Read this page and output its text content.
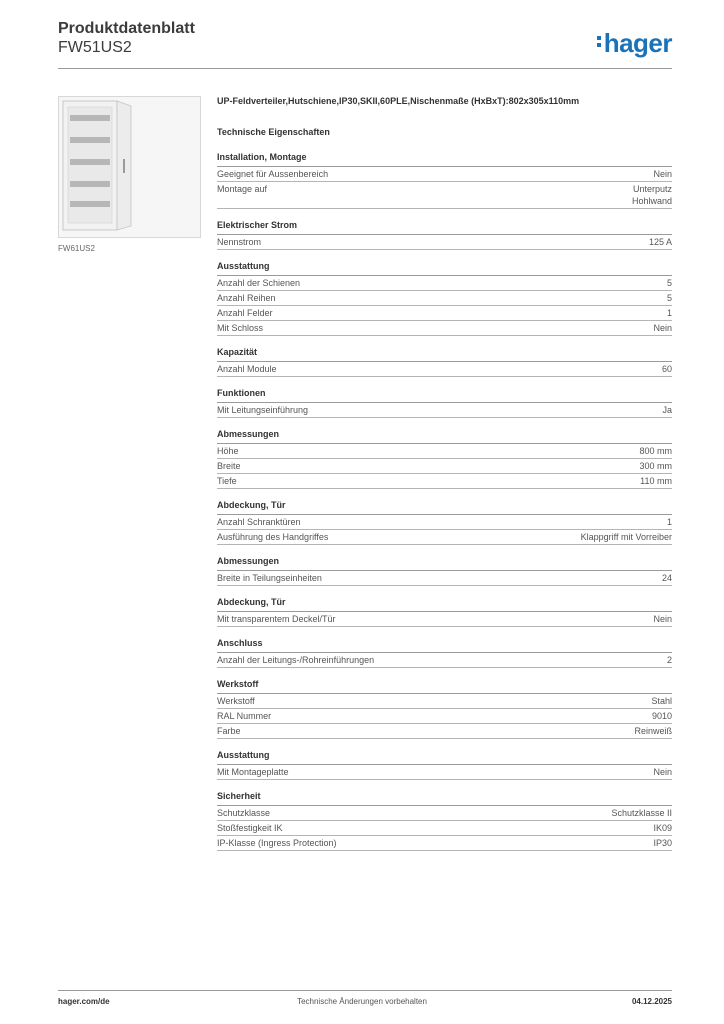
Produktdatenblatt
FW51US2	hager
FW61US2
UP-Feldverteiler,Hutschiene,IP30,SKII,60PLE,Nischenmaße (HxBxT):802x305x110mm
Technische Eigenschaften
Installation, Montage
Geeignet für Aussenbereich	Nein
Montage auf	Unterputz
Hohlwand
Elektrischer Strom
Nennstrom	125 A
Ausstattung
Anzahl der Schienen	5
Anzahl Reihen	5
Anzahl Felder	1
Mit Schloss	Nein
Kapazität
Anzahl Module	60
Funktionen
Mit Leitungseinführung	Ja
Abmessungen
Höhe	800 mm
Breite	300 mm
Tiefe	110 mm
Abdeckung, Tür
Anzahl Schranktüren	1
Ausführung des Handgriffes	Klappgriff mit Vorreiber
Abmessungen
Breite in Teilungseinheiten	24
Abdeckung, Tür
Mit transparentem Deckel/Tür	Nein
Anschluss
Anzahl der Leitungs-/Rohreinführungen	2
Werkstoff
Werkstoff	Stahl
RAL Nummer	9010
Farbe	Reinweiß
Ausstattung
Mit Montageplatte	Nein
Sicherheit
Schutzklasse	Schutzklasse II
Stoßfestigkeit IK	IK09
IP-Klasse (Ingress Protection)	IP30
hager.com/de	Technische Änderungen vorbehalten	04.12.2025
